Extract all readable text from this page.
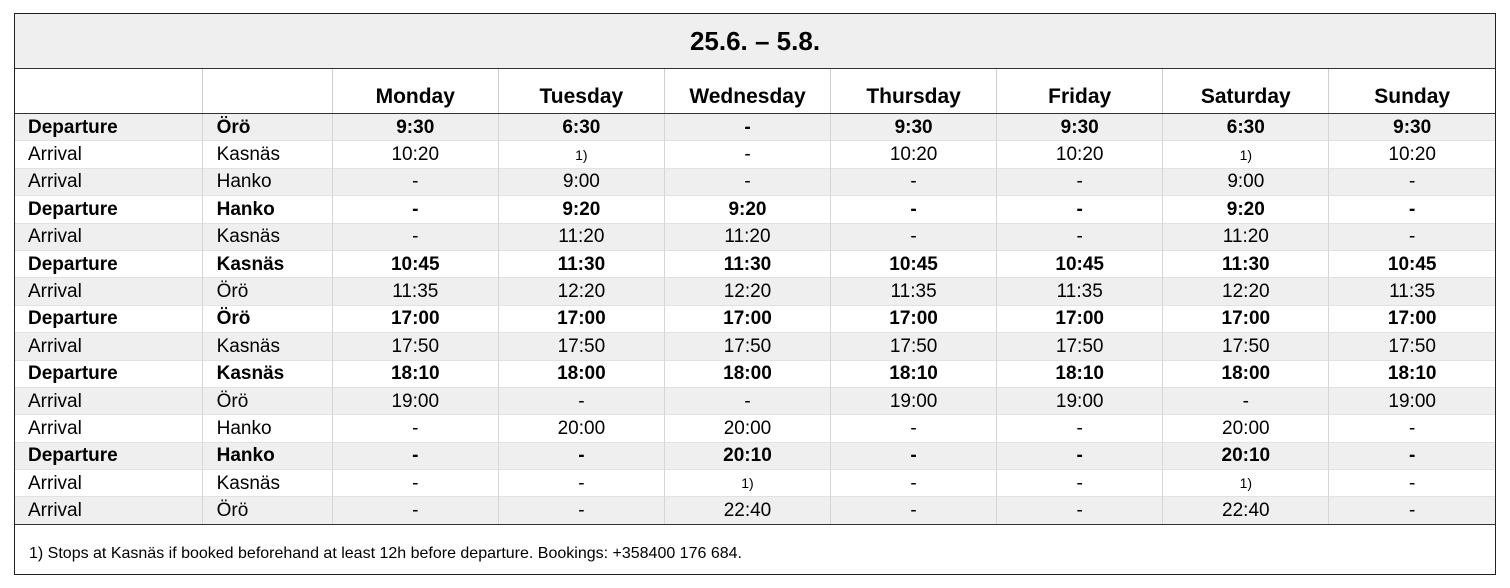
25.6. – 5.8.
		Monday	Tuesday	Wednesday	Thursday	Friday	Saturday	Sunday
Departure	Örö	9:30	6:30	-	9:30	9:30	6:30	9:30
Arrival	Kasnäs	10:20	1)	-	10:20	10:20	1)	10:20
Arrival	Hanko	-	9:00	-	-	-	9:00	-
Departure	Hanko	-	9:20	9:20	-	-	9:20	-
Arrival	Kasnäs	-	11:20	11:20	-	-	11:20	-
Departure	Kasnäs	10:45	11:30	11:30	10:45	10:45	11:30	10:45
Arrival	Örö	11:35	12:20	12:20	11:35	11:35	12:20	11:35
Departure	Örö	17:00	17:00	17:00	17:00	17:00	17:00	17:00
Arrival	Kasnäs	17:50	17:50	17:50	17:50	17:50	17:50	17:50
Departure	Kasnäs	18:10	18:00	18:00	18:10	18:10	18:00	18:10
Arrival	Örö	19:00	-	-	19:00	19:00	-	19:00
Arrival	Hanko	-	20:00	20:00	-	-	20:00	-
Departure	Hanko	-	-	20:10	-	-	20:10	-
Arrival	Kasnäs	-	-	1)	-	-	1)	-
Arrival	Örö	-	-	22:40	-	-	22:40	-
1) Stops at Kasnäs if booked beforehand at least 12h before departure. Bookings: +358400 176 684.
